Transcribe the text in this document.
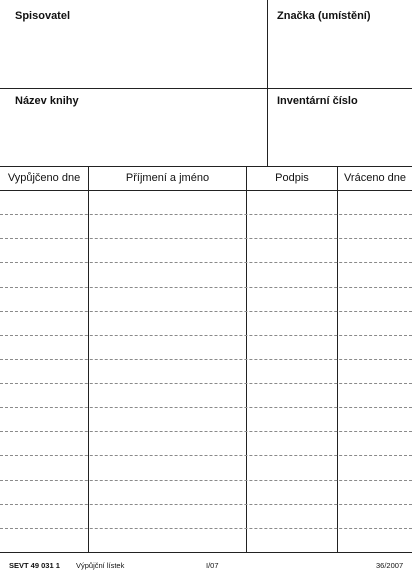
Spisovatel	Značka (umístění)
Název knihy	Inventární číslo
Vypůjčeno dne	Příjmení a jméno	Podpis	Vráceno dne
SEVT 49 031 1 Výpůjční lístek	I/07	36/2007
